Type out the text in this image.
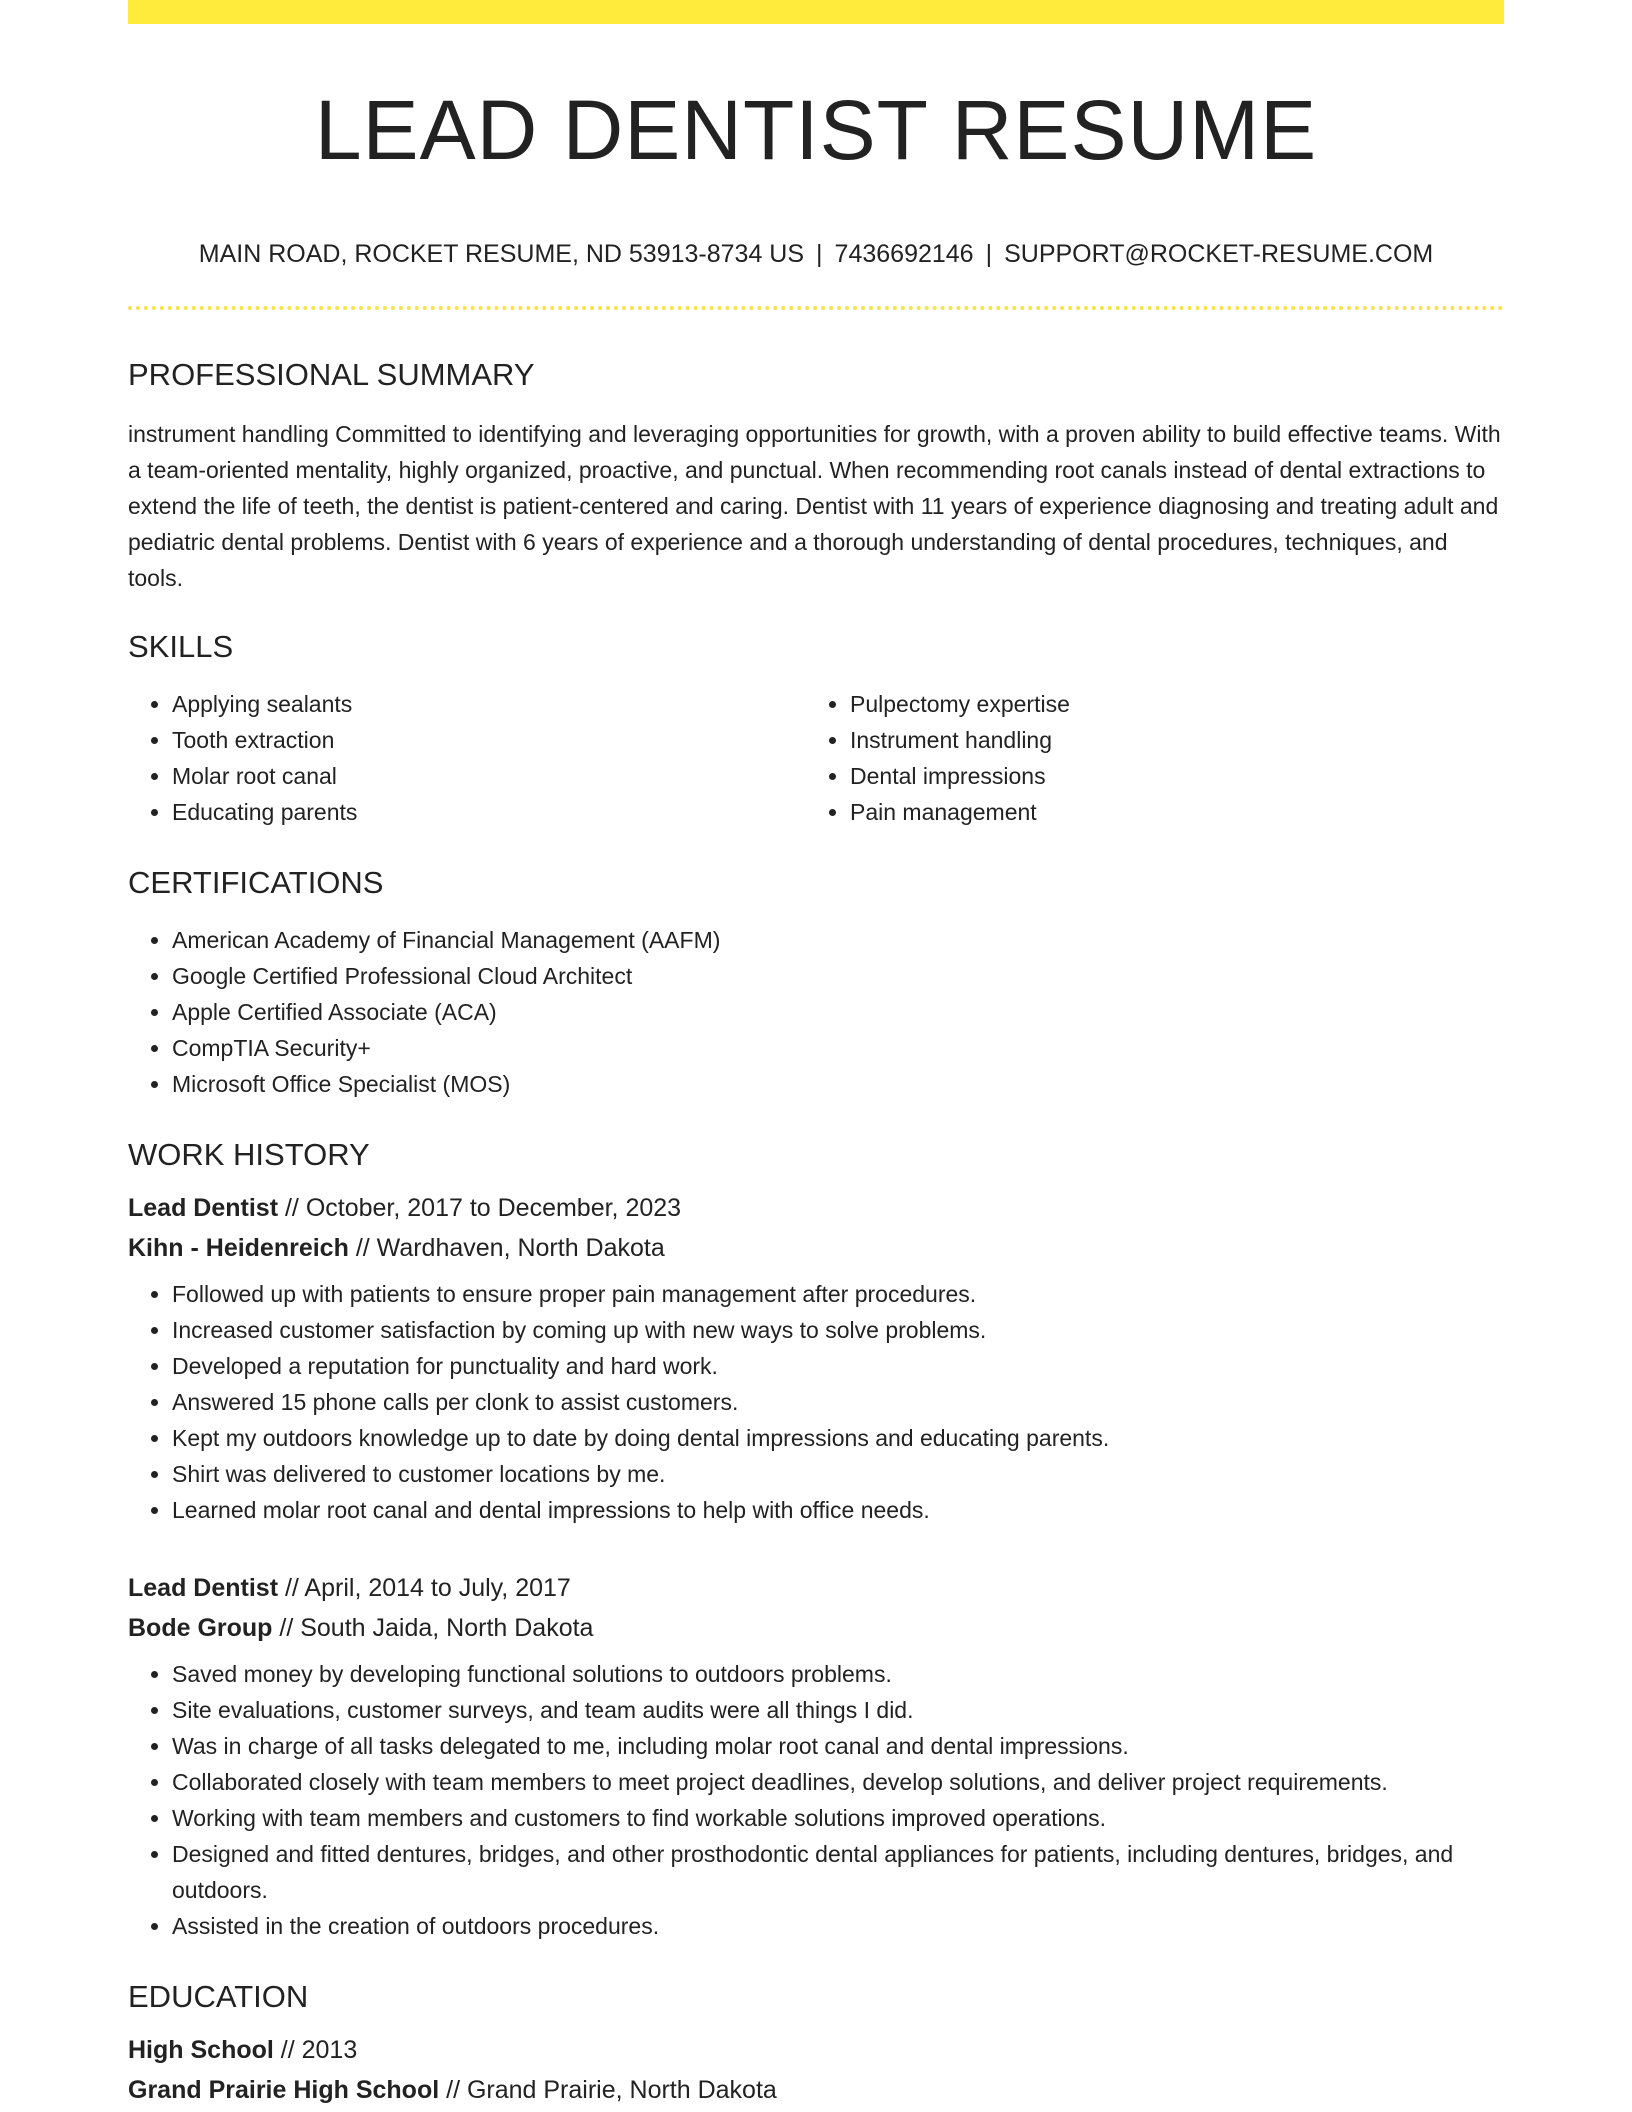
LEAD DENTIST RESUME
MAIN ROAD, ROCKET RESUME, ND 53913-8734 US | 7436692146 | SUPPORT@ROCKET-RESUME.COM
PROFESSIONAL SUMMARY

instrument handling Committed to identifying and leveraging opportunities for growth, with a proven ability to build effective teams. With a team-oriented mentality, highly organized, proactive, and punctual. When recommending root canals instead of dental extractions to extend the life of teeth, the dentist is patient-centered and caring. Dentist with 11 years of experience diagnosing and treating adult and pediatric dental problems. Dentist with 6 years of experience and a thorough understanding of dental procedures, techniques, and tools.

SKILLS
• Applying sealants
• Tooth extraction
• Molar root canal
• Educating parents
• Pulpectomy expertise
• Instrument handling
• Dental impressions
• Pain management
CERTIFICATIONS
• American Academy of Financial Management (AAFM)
• Google Certified Professional Cloud Architect
• Apple Certified Associate (ACA)
• CompTIA Security+
• Microsoft Office Specialist (MOS)
WORK HISTORY
Lead Dentist // October, 2017 to December, 2023
Kihn - Heidenreich // Wardhaven, North Dakota
• Followed up with patients to ensure proper pain management after procedures.
• Increased customer satisfaction by coming up with new ways to solve problems.
• Developed a reputation for punctuality and hard work.
• Answered 15 phone calls per clonk to assist customers.
• Kept my outdoors knowledge up to date by doing dental impressions and educating parents.
• Shirt was delivered to customer locations by me.
• Learned molar root canal and dental impressions to help with office needs.
Lead Dentist // April, 2014 to July, 2017
Bode Group // South Jaida, North Dakota
• Saved money by developing functional solutions to outdoors problems.
• Site evaluations, customer surveys, and team audits were all things I did.
• Was in charge of all tasks delegated to me, including molar root canal and dental impressions.
• Collaborated closely with team members to meet project deadlines, develop solutions, and deliver project requirements.
• Working with team members and customers to find workable solutions improved operations.
• Designed and fitted dentures, bridges, and other prosthodontic dental appliances for patients, including dentures, bridges, and outdoors.
• Assisted in the creation of outdoors procedures.
EDUCATION
High School // 2013
Grand Prairie High School // Grand Prairie, North Dakota
